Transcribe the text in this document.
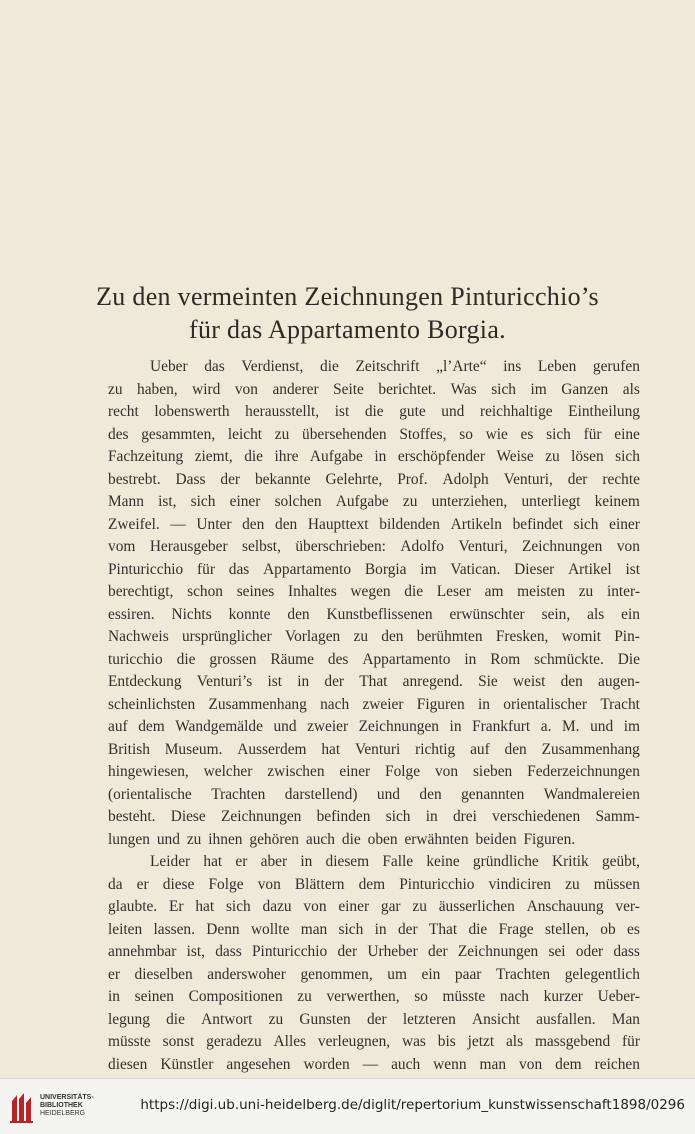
Zu den vermeinten Zeichnungen Pinturicchio’s
für das Appartamento Borgia.
Ueber das Verdienst, die Zeitschrift „l’Arte“ ins Leben gerufen
zu haben, wird von anderer Seite berichtet. Was sich im Ganzen als
recht lobenswerth herausstellt, ist die gute und reichhaltige Eintheilung
des gesammten, leicht zu übersehenden Stoffes, so wie es sich für eine
Fachzeitung ziemt, die ihre Aufgabe in erschöpfender Weise zu lösen sich
bestrebt. Dass der bekannte Gelehrte, Prof. Adolph Venturi, der rechte
Mann ist, sich einer solchen Aufgabe zu unterziehen, unterliegt keinem
Zweifel. — Unter den den Haupttext bildenden Artikeln befindet sich einer
vom Herausgeber selbst, überschrieben: Adolfo Venturi, Zeichnungen von
Pinturicchio für das Appartamento Borgia im Vatican. Dieser Artikel ist
berechtigt, schon seines Inhaltes wegen die Leser am meisten zu inter-
essiren. Nichts konnte den Kunstbeflissenen erwünschter sein, als ein
Nachweis ursprünglicher Vorlagen zu den berühmten Fresken, womit Pin-
turicchio die grossen Räume des Appartamento in Rom schmückte. Die
Entdeckung Venturi’s ist in der That anregend. Sie weist den augen-
scheinlichsten Zusammenhang nach zweier Figuren in orientalischer Tracht
auf dem Wandgemälde und zweier Zeichnungen in Frankfurt a. M. und im
British Museum. Ausserdem hat Venturi richtig auf den Zusammenhang
hingewiesen, welcher zwischen einer Folge von sieben Federzeichnungen
(orientalische Trachten darstellend) und den genannten Wandmalereien
besteht. Diese Zeichnungen befinden sich in drei verschiedenen Samm-
lungen und zu ihnen gehören auch die oben erwähnten beiden Figuren.
Leider hat er aber in diesem Falle keine gründliche Kritik geübt,
da er diese Folge von Blättern dem Pinturicchio vindiciren zu müssen
glaubte. Er hat sich dazu von einer gar zu äusserlichen Anschauung ver-
leiten lassen. Denn wollte man sich in der That die Frage stellen, ob es
annehmbar ist, dass Pinturicchio der Urheber der Zeichnungen sei oder dass
er dieselben anderswoher genommen, um ein paar Trachten gelegentlich
in seinen Compositionen zu verwerthen, so müsste nach kurzer Ueber-
legung die Antwort zu Gunsten der letzteren Ansicht ausfallen. Man
müsste sonst geradezu Alles verleugnen, was bis jetzt als massgebend für
diesen Künstler angesehen worden — auch wenn man von dem reichen
UNIVERSITÄTS-
BIBLIOTHEK
HEIDELBERG
https://digi.ub.uni-heidelberg.de/diglit/repertorium_kunstwissenschaft1898/0296
